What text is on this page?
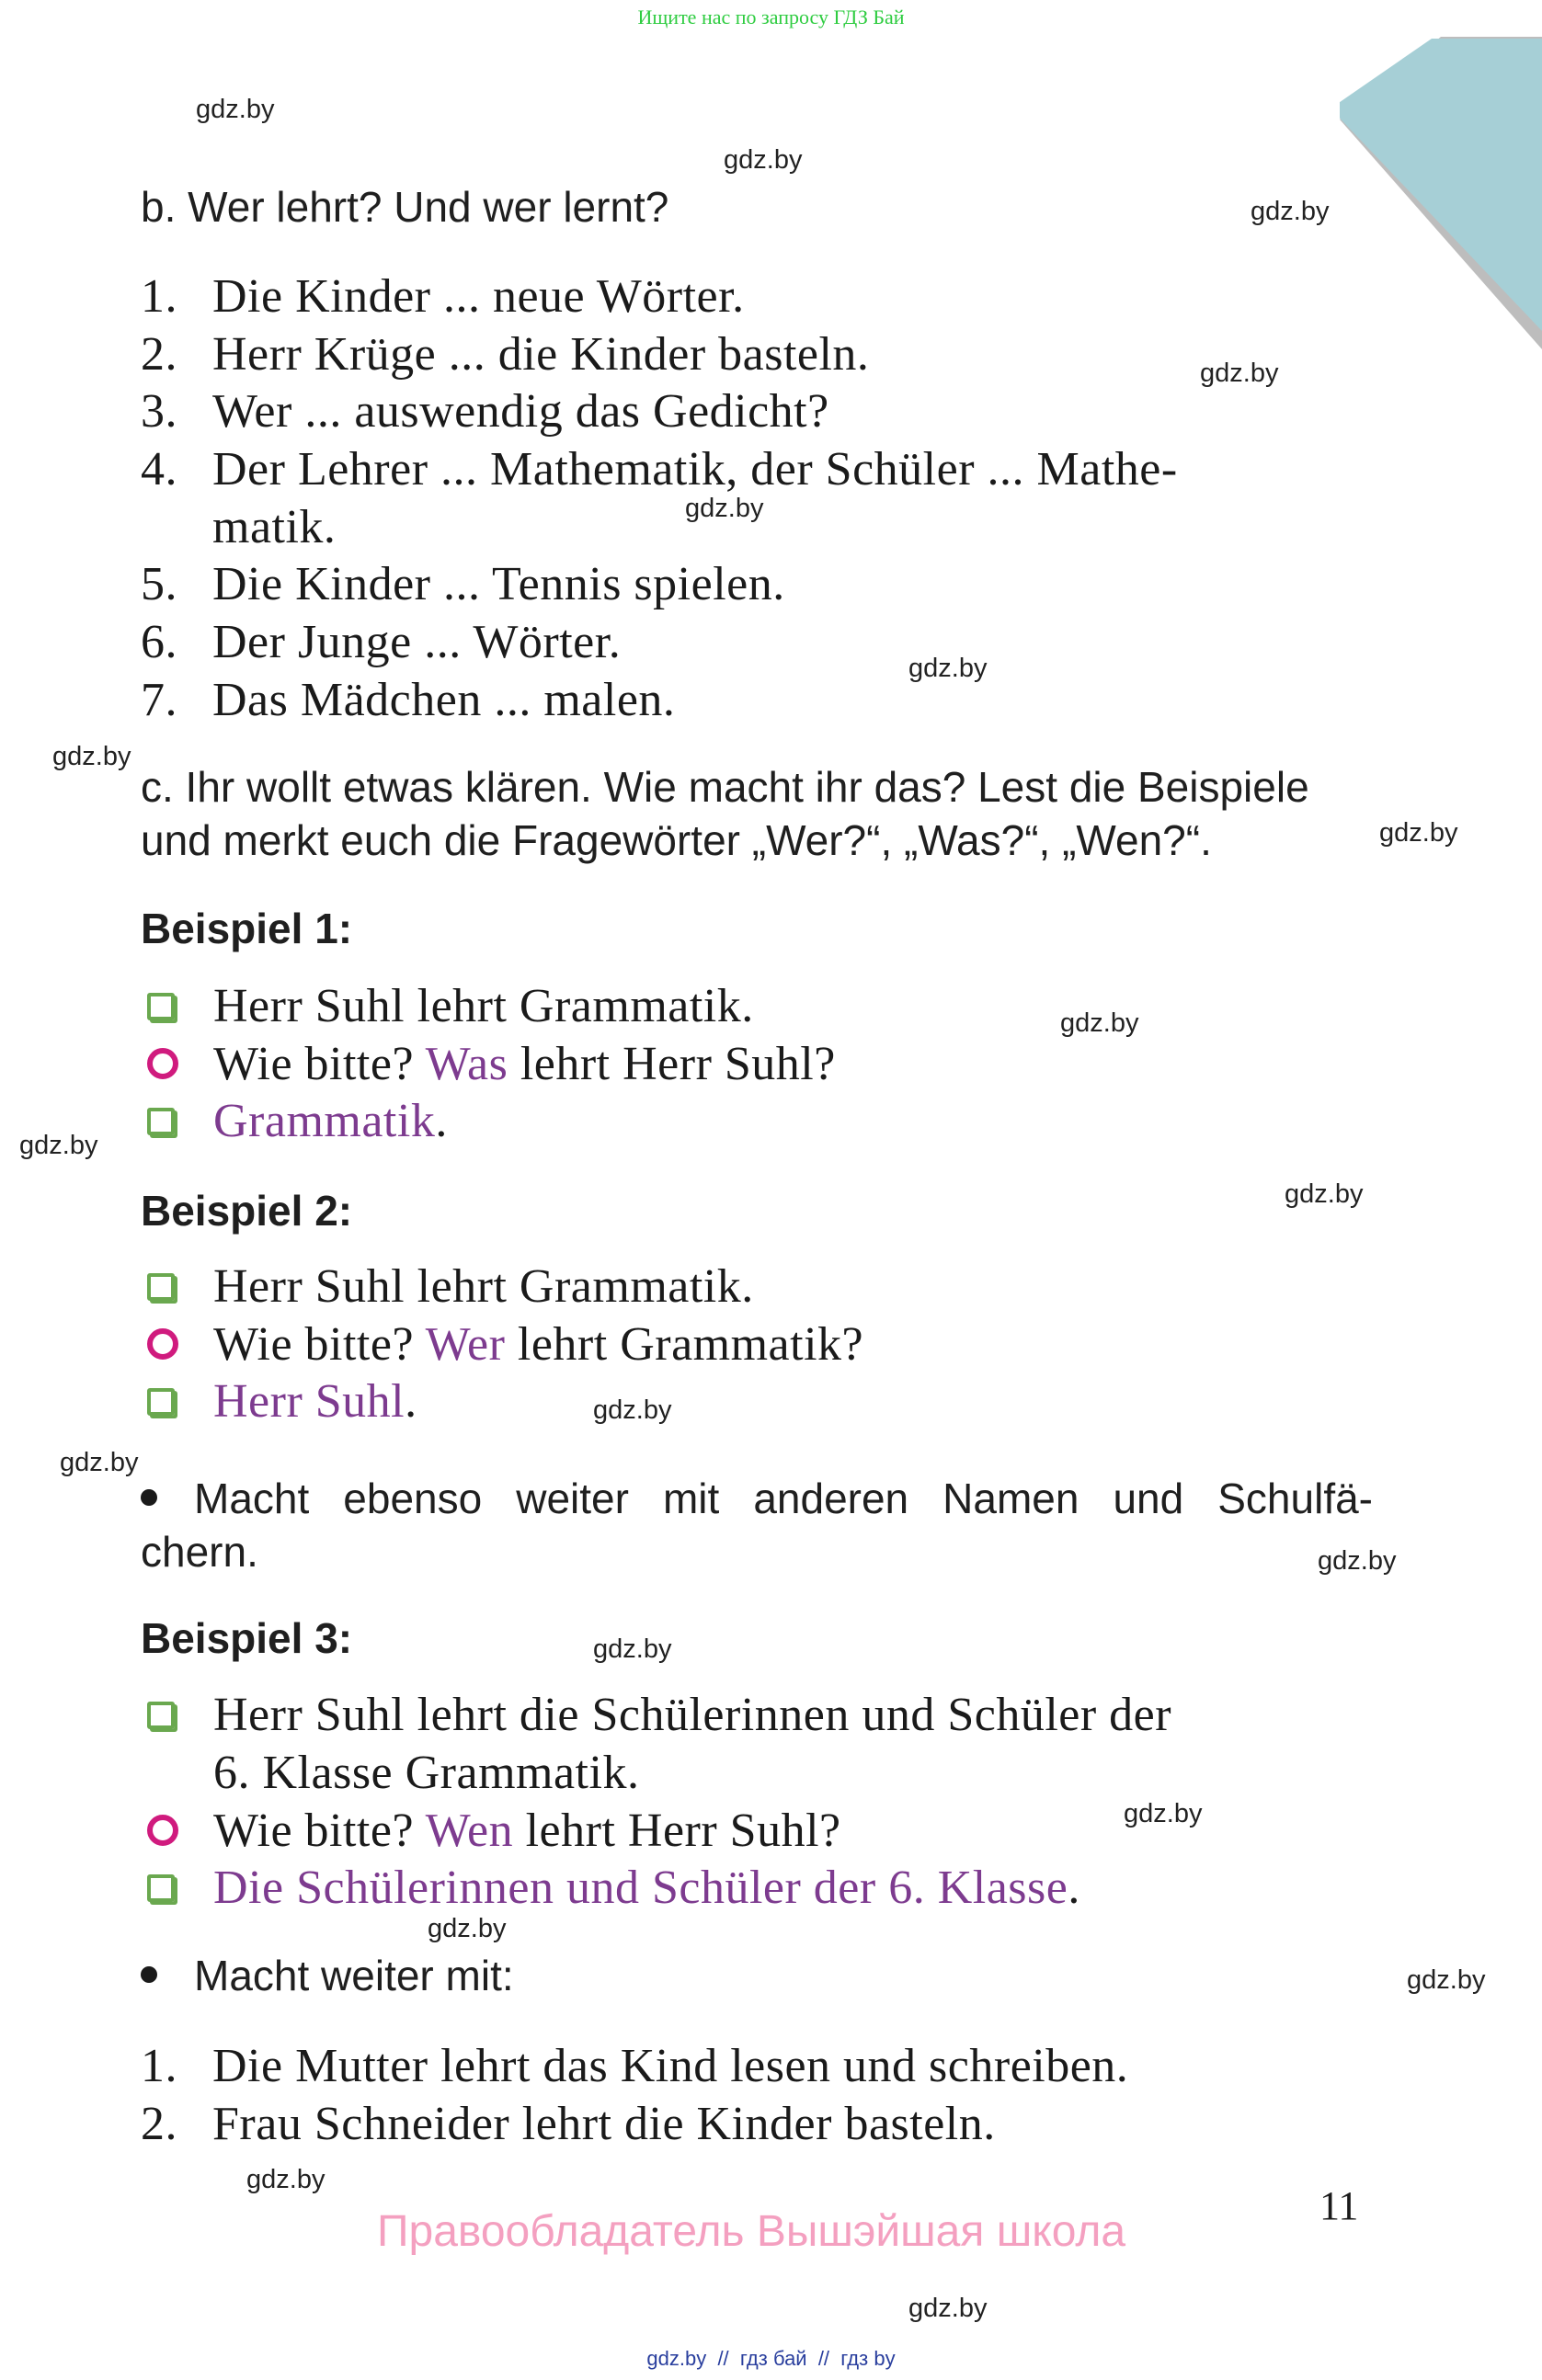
Ищите нас по запросу ГДЗ Бай
gdz.by
gdz.by
gdz.by
gdz.by
gdz.by
gdz.by
gdz.by
gdz.by
gdz.by
gdz.by
gdz.by
gdz.by
gdz.by
gdz.by
gdz.by
gdz.by
gdz.by
gdz.by
gdz.by
gdz.by
b. Wer lehrt? Und wer lernt?
1. Die Kinder ... neue Wörter.
2. Herr Krüge ... die Kinder basteln.
3. Wer ... auswendig das Gedicht?
4. Der Lehrer ... Mathematik, der Schüler ... Mathe-
matik.
5. Die Kinder ... Tennis spielen.
6. Der Junge ... Wörter.
7. Das Mädchen ... malen.
c. Ihr wollt etwas klären. Wie macht ihr das? Lest die Beispiele
und merkt euch die Fragewörter „Wer?“, „Was?“, „Wen?“.
Beispiel 1:
Herr Suhl lehrt Grammatik.
Wie bitte? Was lehrt Herr Suhl?
Grammatik.
Beispiel 2:
Herr Suhl lehrt Grammatik.
Wie bitte? Wer lehrt Grammatik?
Herr Suhl.
Macht ebenso weiter mit anderen Namen und Schulfä-
chern.
Beispiel 3:
Herr Suhl lehrt die Schülerinnen und Schüler der
6. Klasse Grammatik.
Wie bitte? Wen lehrt Herr Suhl?
Die Schülerinnen und Schüler der 6. Klasse.
Macht weiter mit:
1. Die Mutter lehrt das Kind lesen und schreiben.
2. Frau Schneider lehrt die Kinder basteln.
11
Правообладатель Вышэйшая школа
gdz.by  //  гдз бай  //  гдз by
